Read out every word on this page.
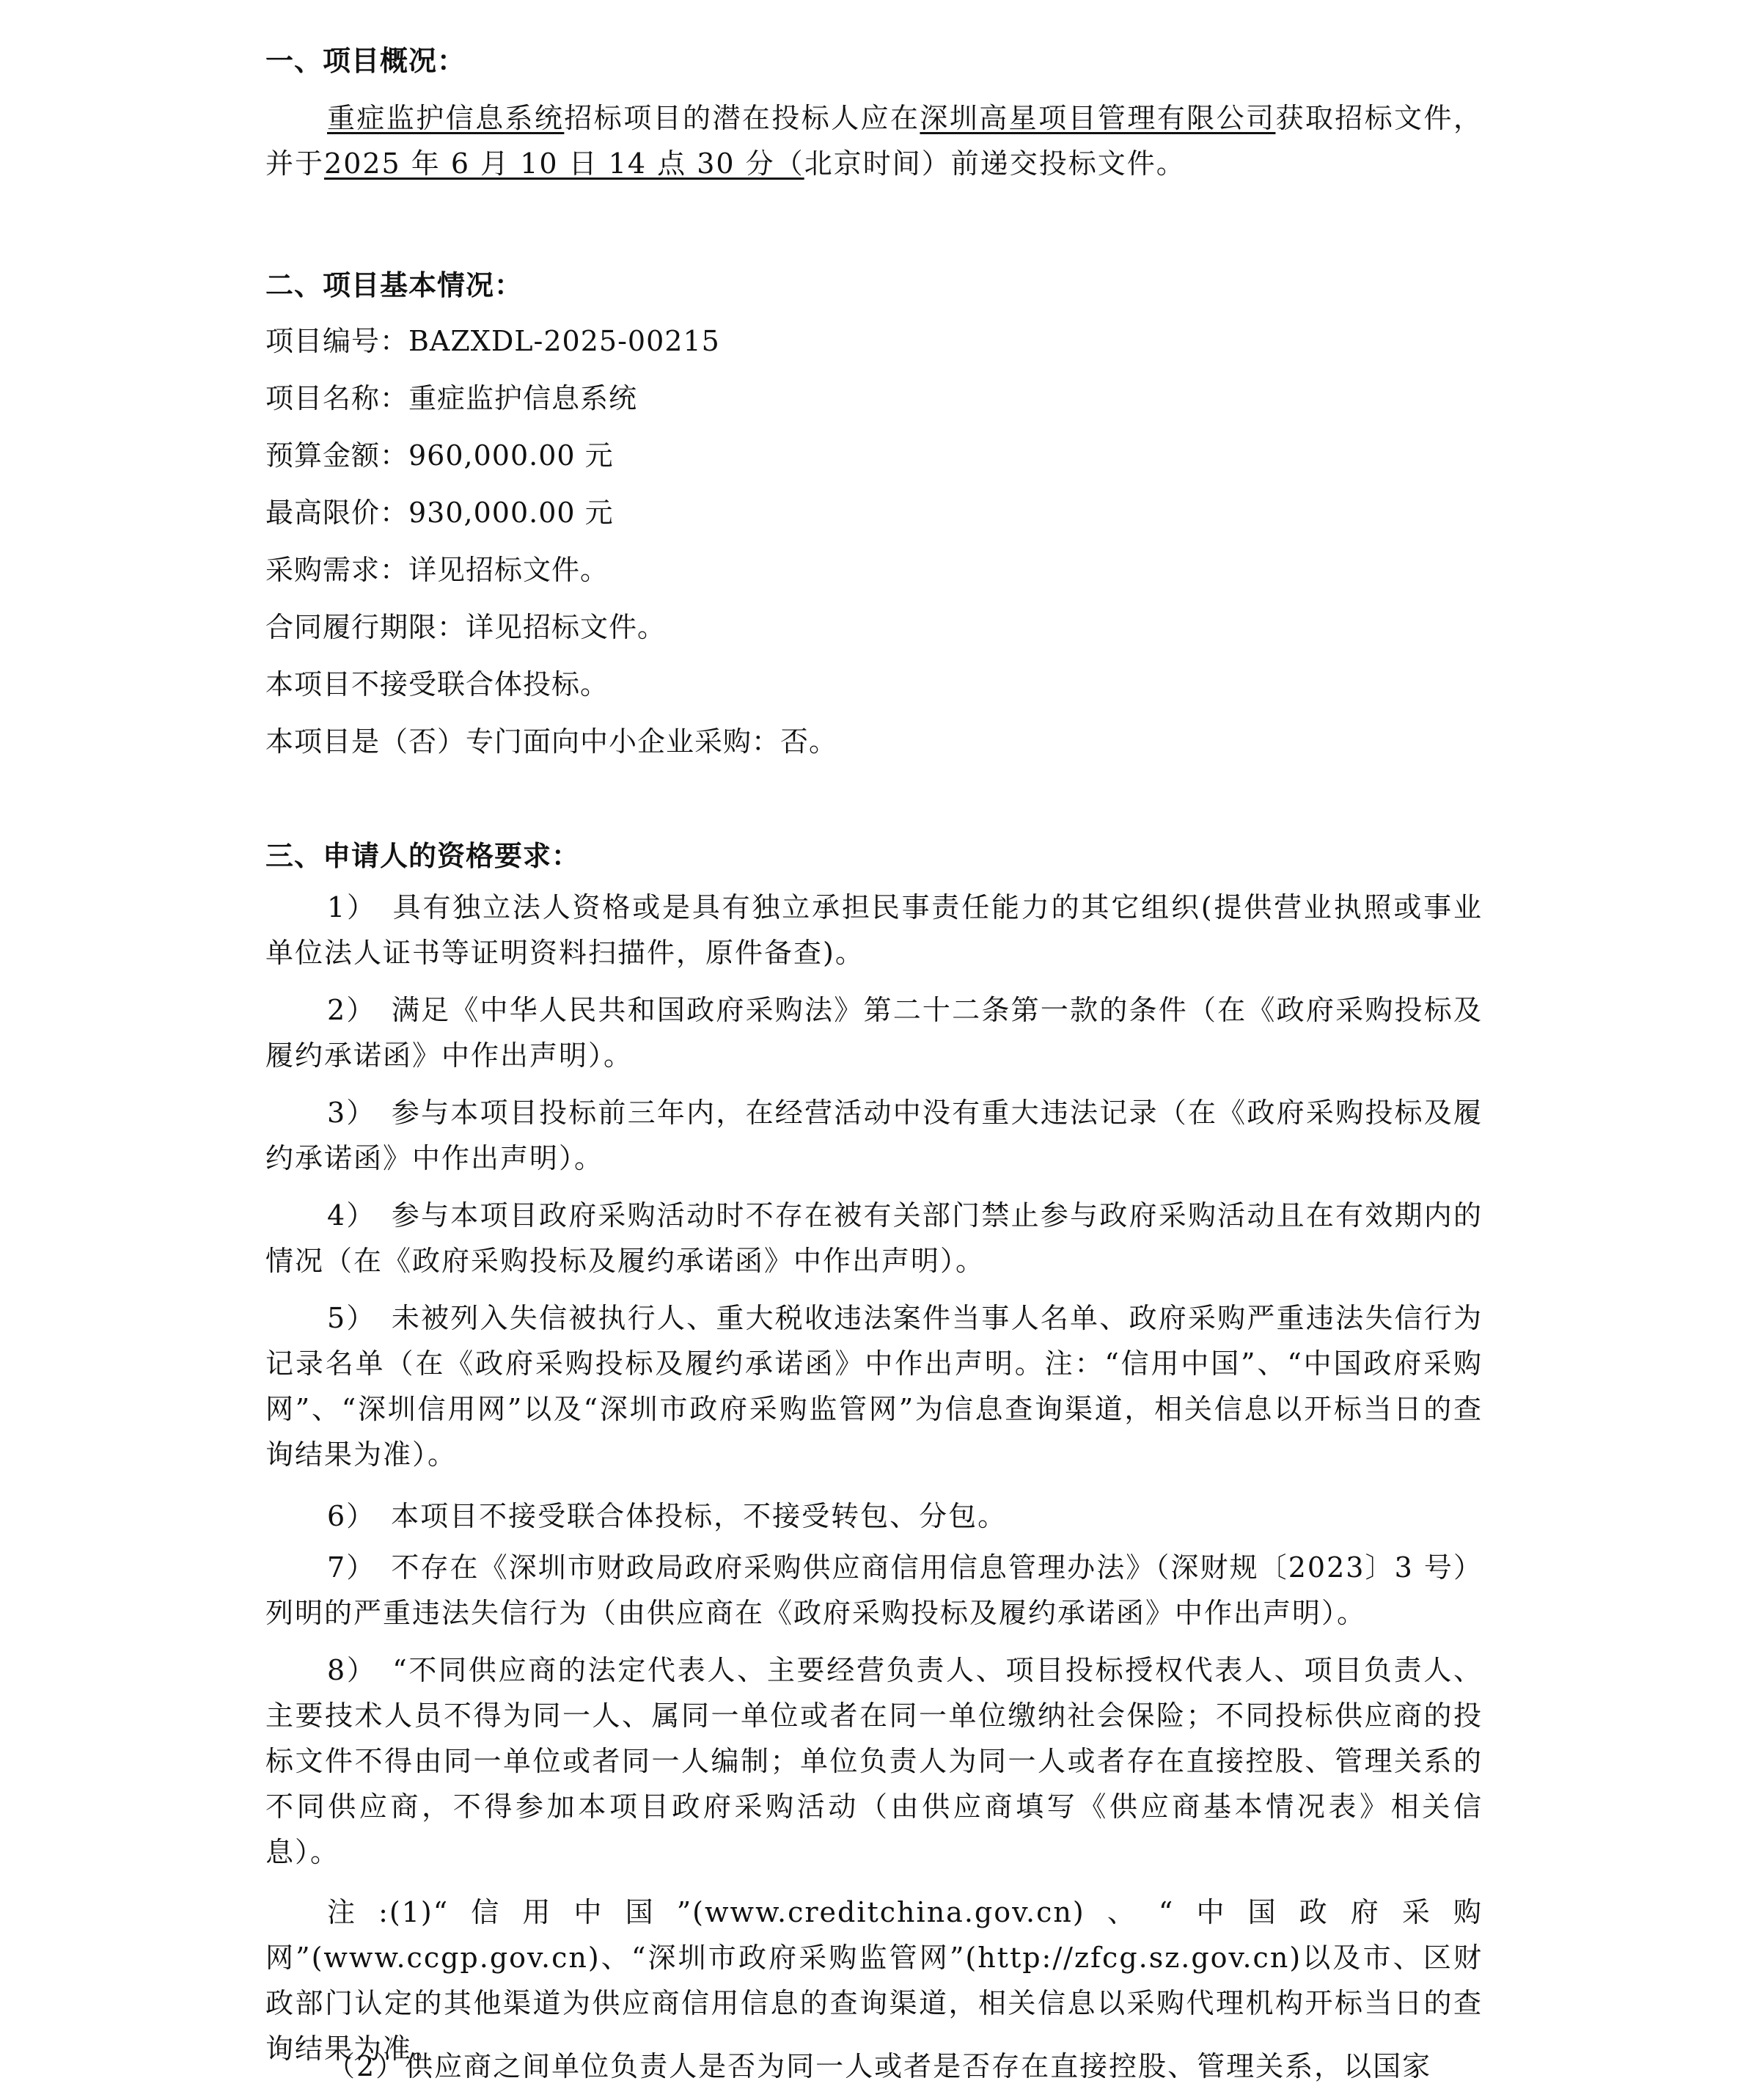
一、项目概况：
重症监护信息系统招标项目的潜在投标人应在深圳高星项目管理有限公司获取招标文件，并于2025 年 6 月 10 日 14 点 30 分（北京时间）前递交投标文件。
二、项目基本情况：
项目编号：BAZXDL-2025-00215
项目名称：重症监护信息系统
预算金额：960,000.00 元
最高限价：930,000.00 元
采购需求：详见招标文件。
合同履行期限：详见招标文件。
本项目不接受联合体投标。
本项目是（否）专门面向中小企业采购：否。
三、申请人的资格要求：
1）　具有独立法人资格或是具有独立承担民事责任能力的其它组织(提供营业执照或事业单位法人证书等证明资料扫描件，原件备查)。
2）　满足《中华人民共和国政府采购法》第二十二条第一款的条件（在《政府采购投标及履约承诺函》中作出声明）。
3）　参与本项目投标前三年内，在经营活动中没有重大违法记录（在《政府采购投标及履约承诺函》中作出声明）。
4）　参与本项目政府采购活动时不存在被有关部门禁止参与政府采购活动且在有效期内的情况（在《政府采购投标及履约承诺函》中作出声明）。
5）　未被列入失信被执行人、重大税收违法案件当事人名单、政府采购严重违法失信行为记录名单（在《政府采购投标及履约承诺函》中作出声明。注：“信用中国”、“中国政府采购网”、“深圳信用网”以及“深圳市政府采购监管网”为信息查询渠道，相关信息以开标当日的查询结果为准）。
6）　本项目不接受联合体投标，不接受转包、分包。
7）　不存在《深圳市财政局政府采购供应商信用信息管理办法》（深财规〔2023〕3 号）列明的严重违法失信行为（由供应商在《政府采购投标及履约承诺函》中作出声明）。
8）　“不同供应商的法定代表人、主要经营负责人、项目投标授权代表人、项目负责人、主要技术人员不得为同一人、属同一单位或者在同一单位缴纳社会保险；不同投标供应商的投标文件不得由同一单位或者同一人编制；单位负责人为同一人或者存在直接控股、管理关系的不同供应商，不得参加本项目政府采购活动（由供应商填写《供应商基本情况表》相关信息）。
注:(1)“信用中国”(www.creditchina.gov.cn)、“中国政府采购网”(www.ccgp.gov.cn)、“深圳市政府采购监管网”(http://zfcg.sz.gov.cn)以及市、区财政部门认定的其他渠道为供应商信用信息的查询渠道，相关信息以采购代理机构开标当日的查询结果为准。
（2）供应商之间单位负责人是否为同一人或者是否存在直接控股、管理关系，以国家
